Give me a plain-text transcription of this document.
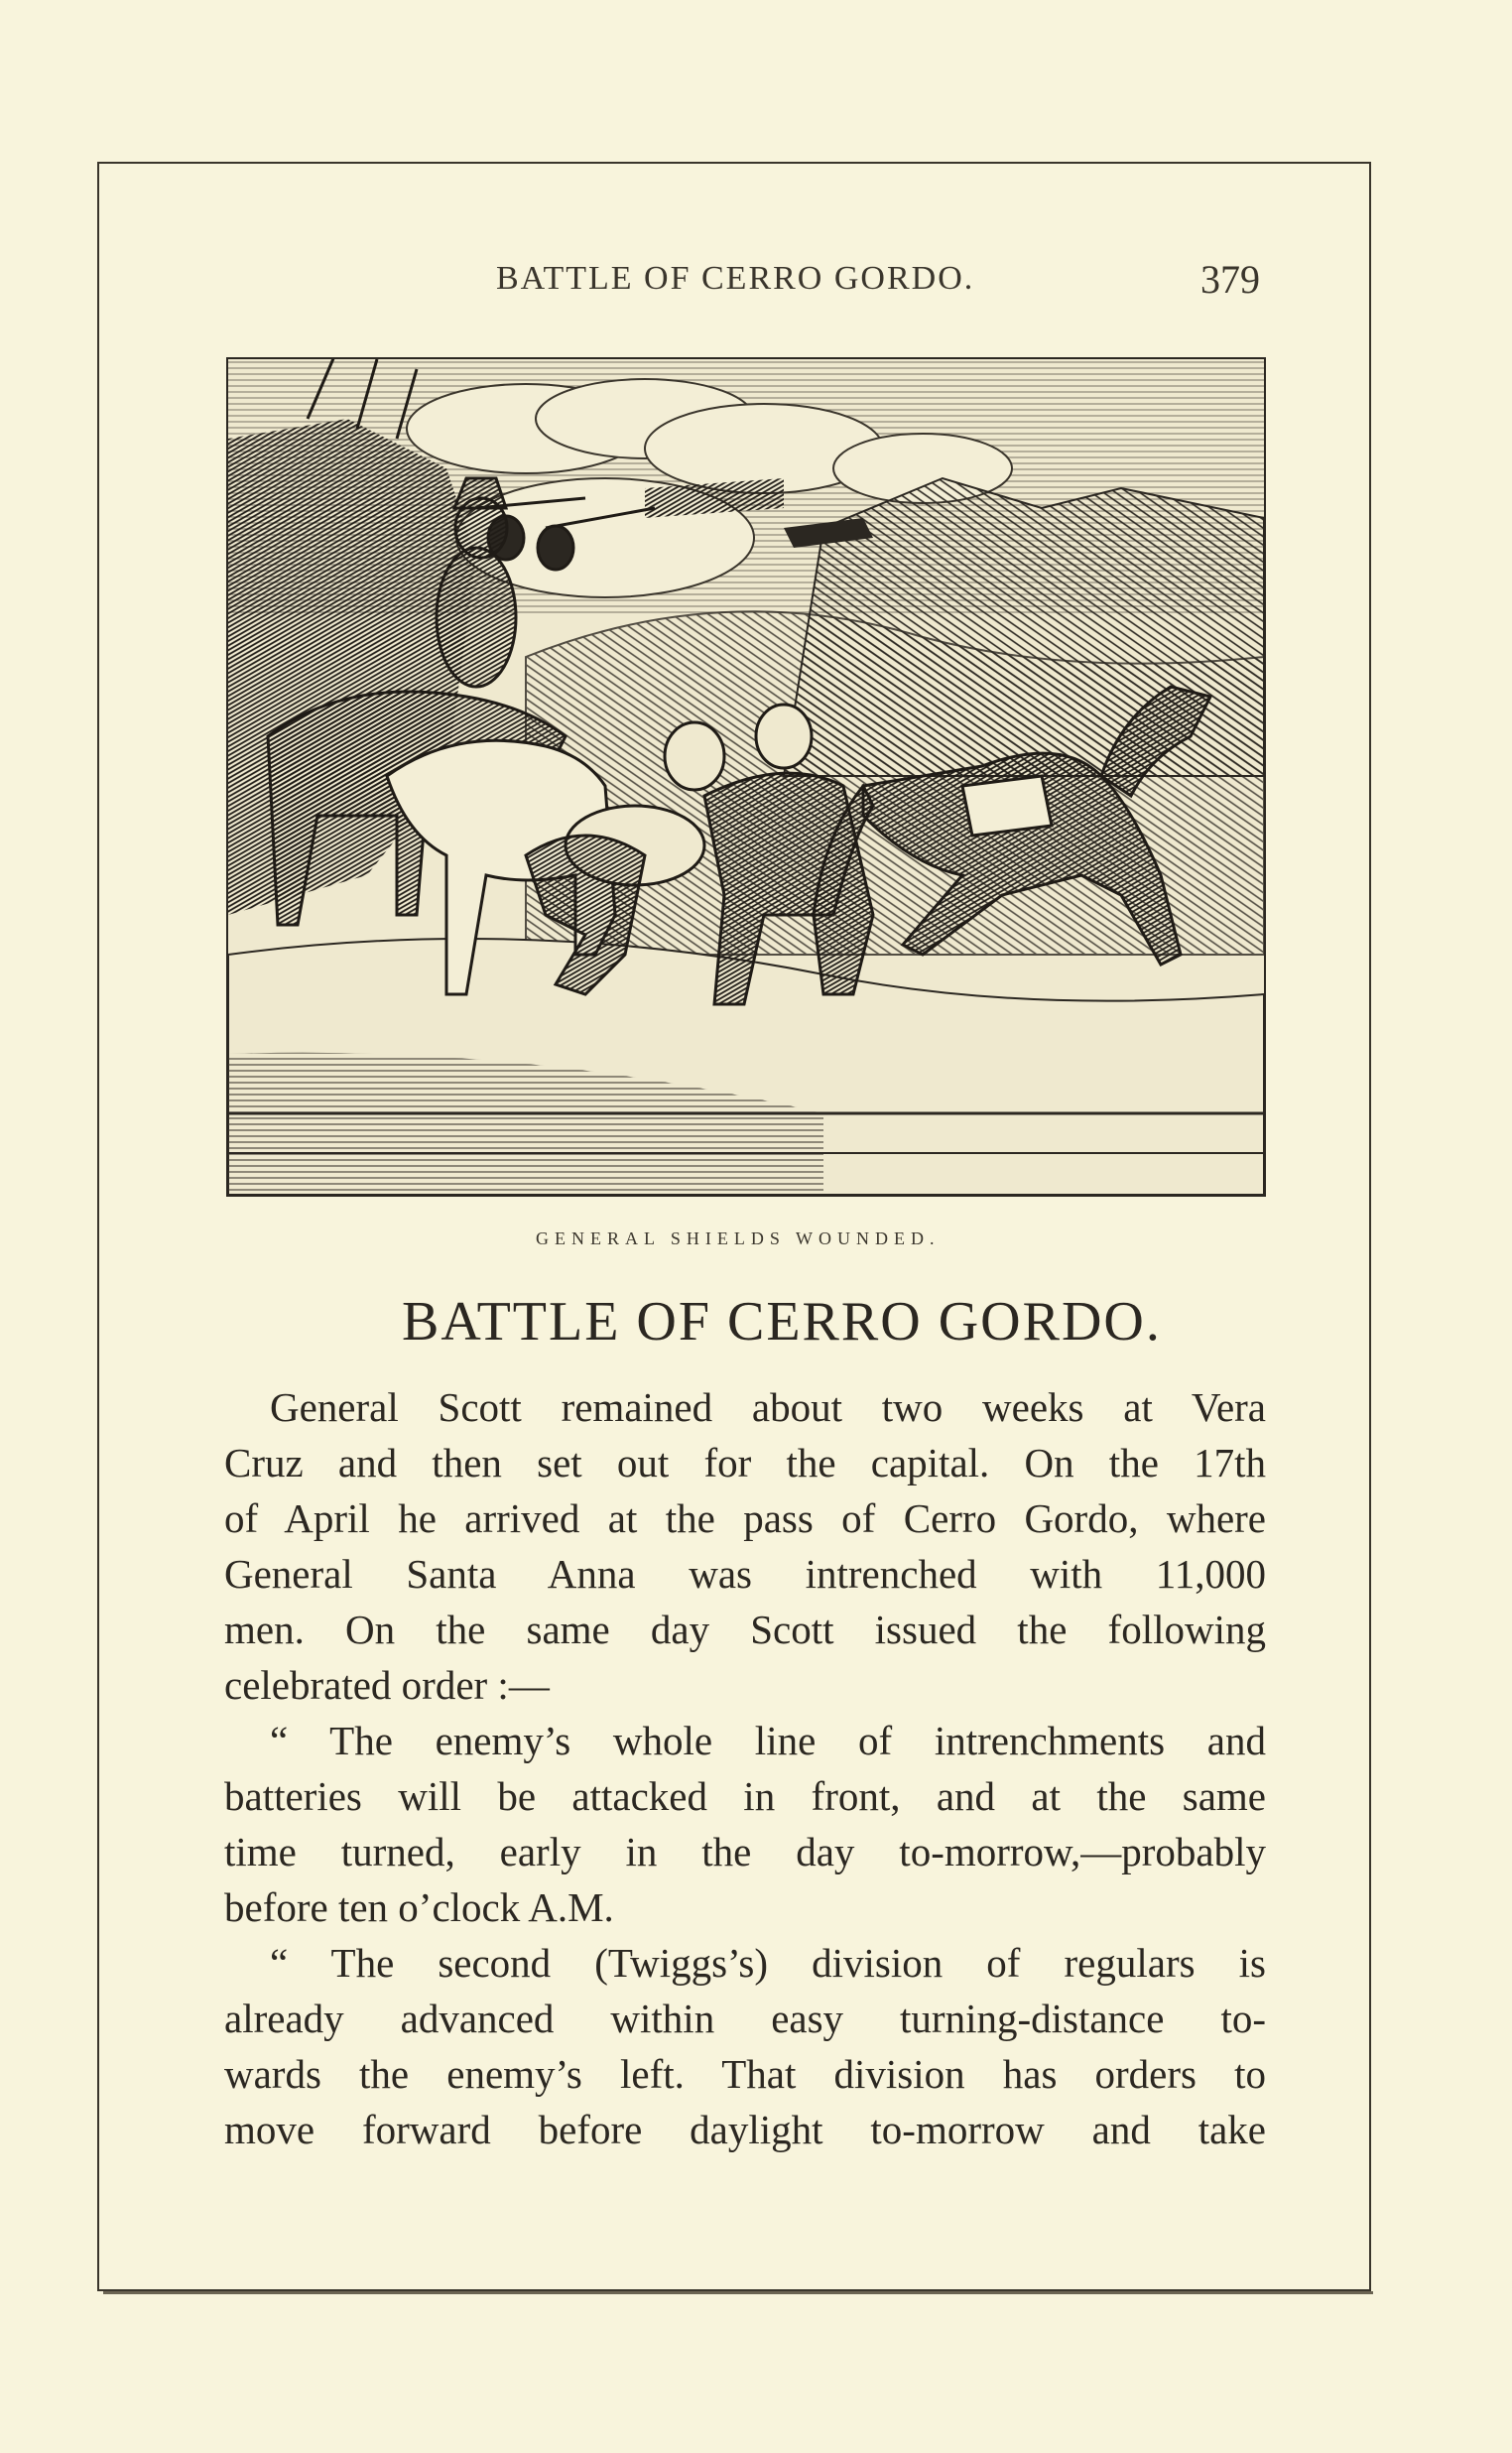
BATTLE OF CERRO GORDO.	379
GENERAL SHIELDS WOUNDED.
BATTLE OF CERRO GORDO.
General Scott remained about two weeks at Vera
Cruz and then set out for the capital. On the 17th
of April he arrived at the pass of Cerro Gordo, where
General Santa Anna was intrenched with 11,000
men. On the same day Scott issued the following
celebrated order :—
“ The enemy’s whole line of intrenchments and
batteries will be attacked in front, and at the same
time turned, early in the day to-morrow,—probably
before ten o’clock A.M.
“ The second (Twiggs’s) division of regulars is
already advanced within easy turning-distance to-
wards the enemy’s left. That division has orders to
move forward before daylight to-morrow and take
